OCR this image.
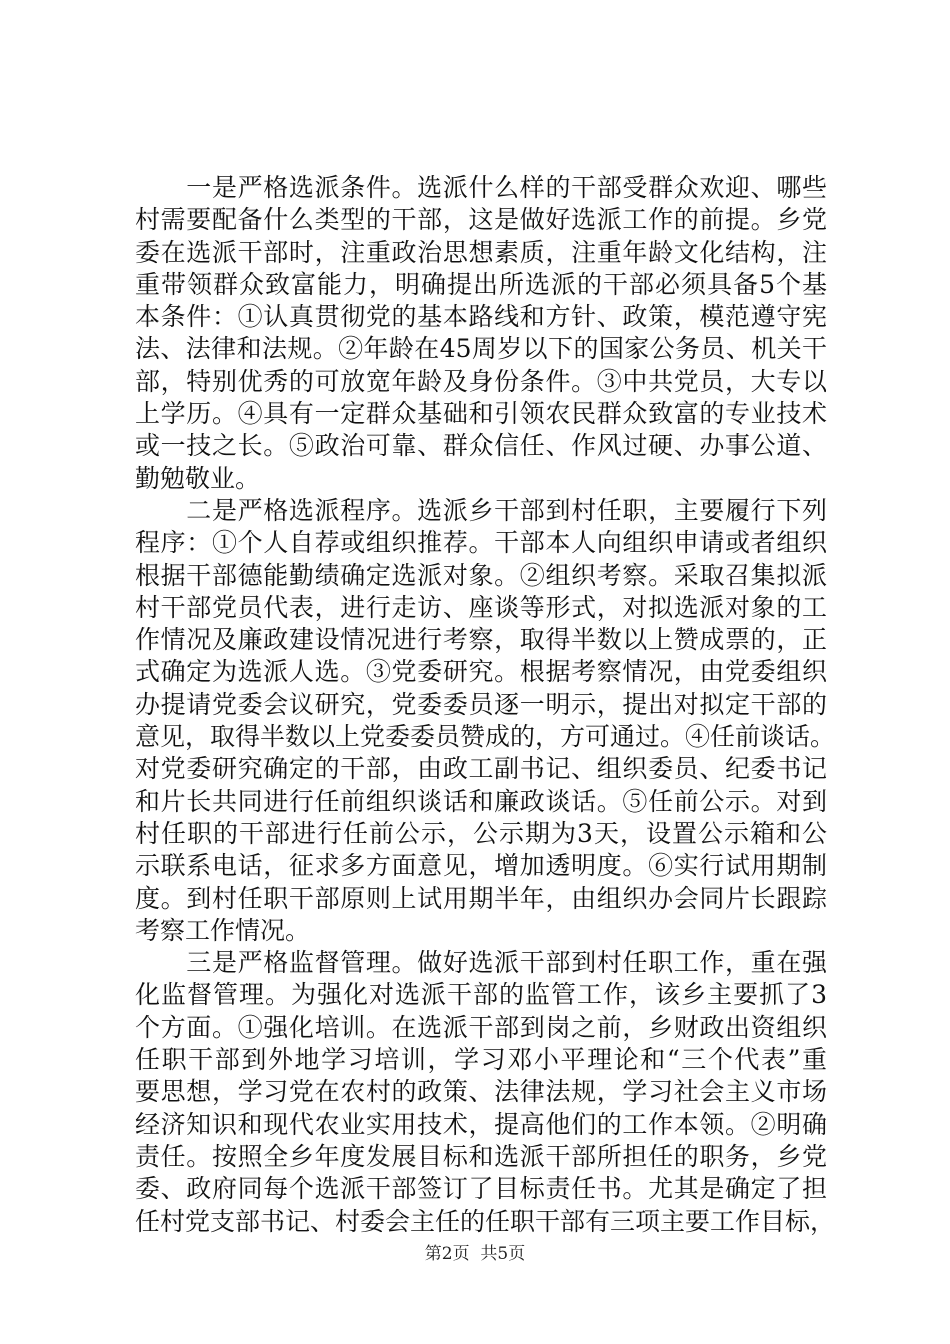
　　一是严格选派条件。选派什么样的干部受群众欢迎、哪些
村需要配备什么类型的干部，这是做好选派工作的前提。乡党
委在选派干部时，注重政治思想素质，注重年龄文化结构，注
重带领群众致富能力，明确提出所选派的干部必须具备5个基
本条件：①认真贯彻党的基本路线和方针、政策，模范遵守宪
法、法律和法规。②年龄在45周岁以下的国家公务员、机关干
部，特别优秀的可放宽年龄及身份条件。③中共党员，大专以
上学历。④具有一定群众基础和引领农民群众致富的专业技术
或一技之长。⑤政治可靠、群众信任、作风过硬、办事公道、
勤勉敬业。
　　二是严格选派程序。选派乡干部到村任职，主要履行下列
程序：①个人自荐或组织推荐。干部本人向组织申请或者组织
根据干部德能勤绩确定选派对象。②组织考察。采取召集拟派
村干部党员代表，进行走访、座谈等形式，对拟选派对象的工
作情况及廉政建设情况进行考察，取得半数以上赞成票的，正
式确定为选派人选。③党委研究。根据考察情况，由党委组织
办提请党委会议研究，党委委员逐一明示，提出对拟定干部的
意见，取得半数以上党委委员赞成的，方可通过。④任前谈话。
对党委研究确定的干部，由政工副书记、组织委员、纪委书记
和片长共同进行任前组织谈话和廉政谈话。⑤任前公示。对到
村任职的干部进行任前公示，公示期为3天，设置公示箱和公
示联系电话，征求多方面意见，增加透明度。⑥实行试用期制
度。到村任职干部原则上试用期半年，由组织办会同片长跟踪
考察工作情况。
　　三是严格监督管理。做好选派干部到村任职工作，重在强
化监督管理。为强化对选派干部的监管工作，该乡主要抓了3
个方面。①强化培训。在选派干部到岗之前，乡财政出资组织
任职干部到外地学习培训，学习邓小平理论和“三个代表”重
要思想，学习党在农村的政策、法律法规，学习社会主义市场
经济知识和现代农业实用技术，提高他们的工作本领。②明确
责任。按照全乡年度发展目标和选派干部所担任的职务，乡党
委、政府同每个选派干部签订了目标责任书。尤其是确定了担
任村党支部书记、村委会主任的任职干部有三项主要工作目标，
第2页  共5页
